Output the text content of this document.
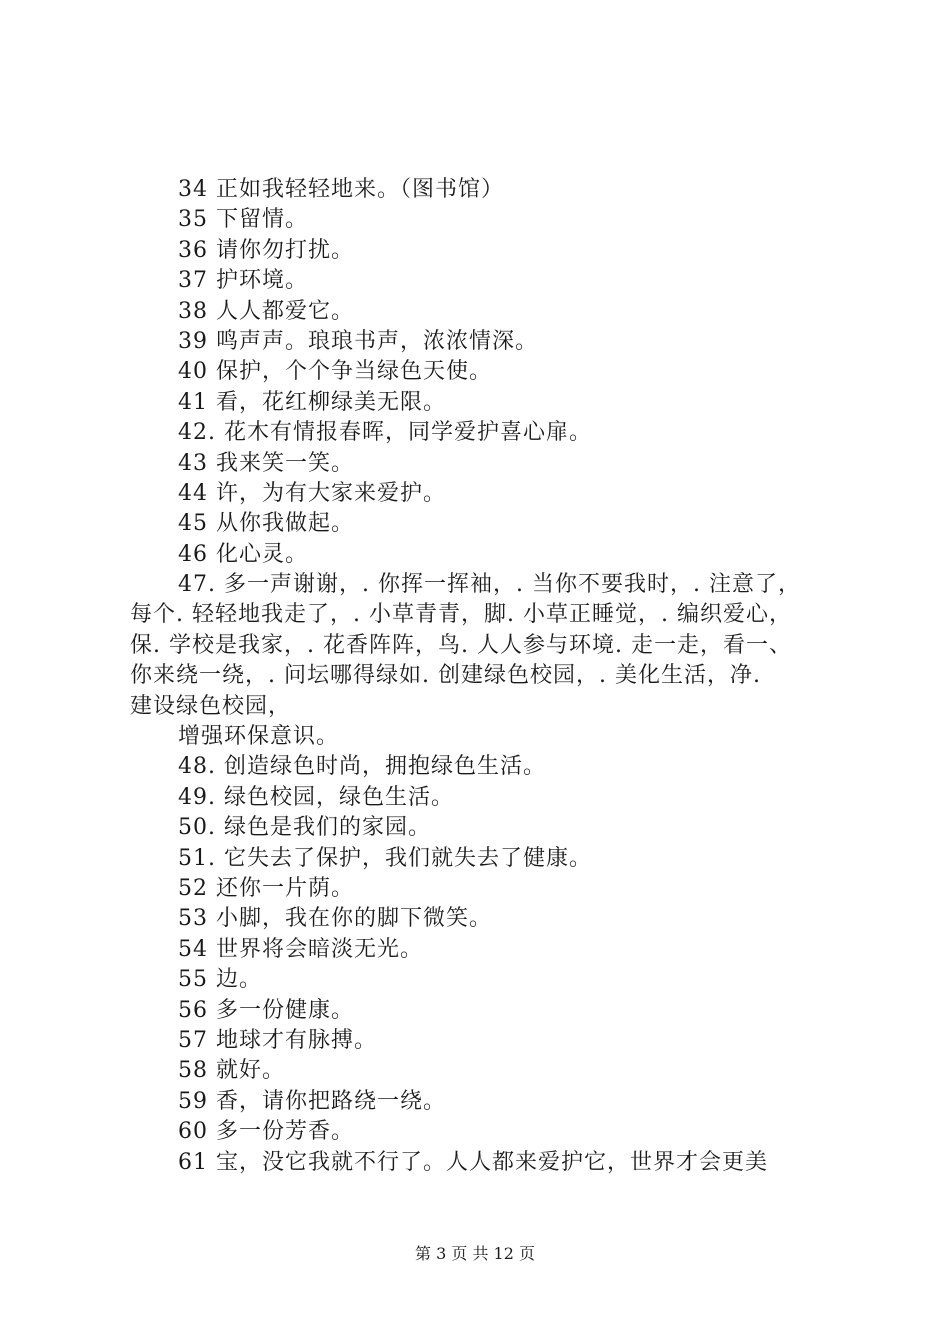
34 正如我轻轻地来。（图书馆）
35 下留情。
36 请你勿打扰。
37 护环境。
38 人人都爱它。
39 鸣声声。琅琅书声，浓浓情深。
40 保护，个个争当绿色天使。
41 看，花红柳绿美无限。
42. 花木有情报春晖，同学爱护喜心扉。
43 我来笑一笑。
44 许，为有大家来爱护。
45 从你我做起。
46 化心灵。
47. 多一声谢谢，. 你挥一挥袖，. 当你不要我时，. 注意了，
每个. 轻轻地我走了，. 小草青青，脚. 小草正睡觉，. 编织爱心，
保. 学校是我家，. 花香阵阵，鸟. 人人参与环境. 走一走，看一、
你来绕一绕，. 问坛哪得绿如. 创建绿色校园，. 美化生活，净.
建设绿色校园，
增强环保意识。
48. 创造绿色时尚，拥抱绿色生活。
49. 绿色校园，绿色生活。
50. 绿色是我们的家园。
51. 它失去了保护，我们就失去了健康。
52 还你一片荫。
53 小脚，我在你的脚下微笑。
54 世界将会暗淡无光。
55 边。
56 多一份健康。
57 地球才有脉搏。
58 就好。
59 香，请你把路绕一绕。
60 多一份芳香。
61 宝，没它我就不行了。人人都来爱护它，世界才会更美
第 3 页 共 12 页
